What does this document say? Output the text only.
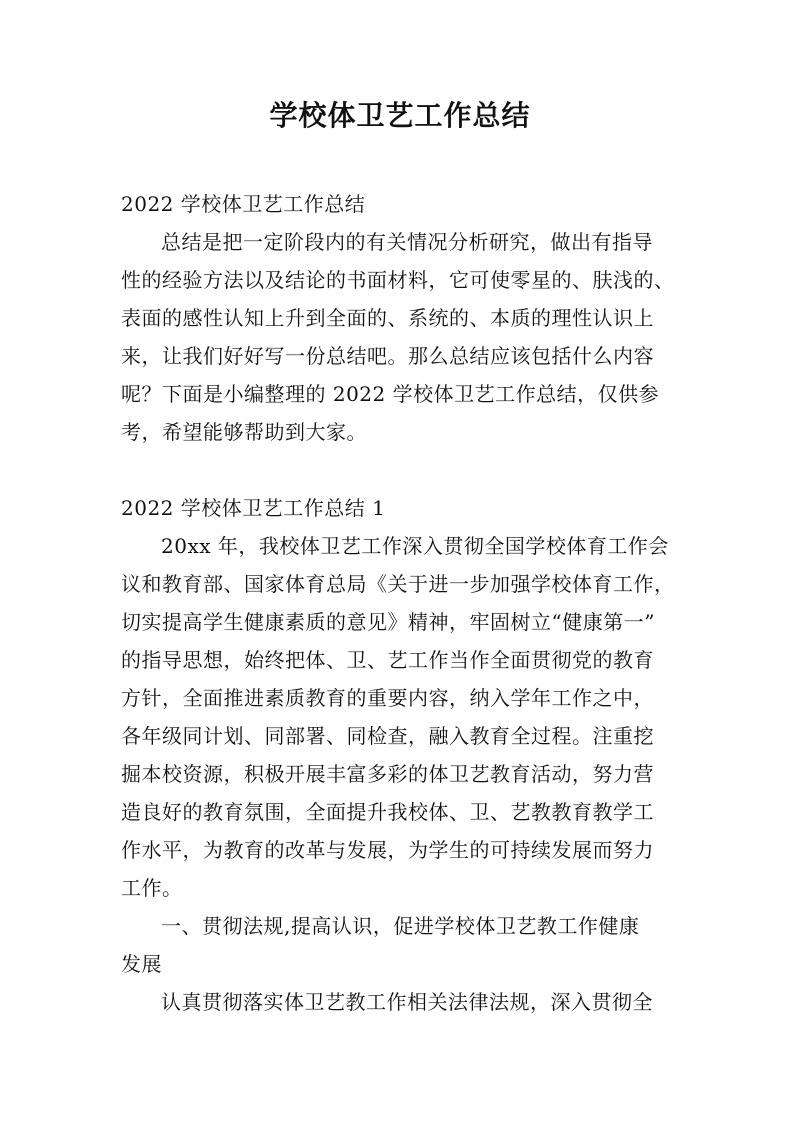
学校体卫艺工作总结
2022 学校体卫艺工作总结
总结是把一定阶段内的有关情况分析研究，做出有指导
性的经验方法以及结论的书面材料，它可使零星的、肤浅的、
表面的感性认知上升到全面的、系统的、本质的理性认识上
来，让我们好好写一份总结吧。那么总结应该包括什么内容
呢？下面是小编整理的 2022 学校体卫艺工作总结，仅供参
考，希望能够帮助到大家。
2022 学校体卫艺工作总结 1
20xx 年，我校体卫艺工作深入贯彻全国学校体育工作会
议和教育部、国家体育总局《关于进一步加强学校体育工作，
切实提高学生健康素质的意见》精神，牢固树立“健康第一”
的指导思想，始终把体、卫、艺工作当作全面贯彻党的教育
方针，全面推进素质教育的重要内容，纳入学年工作之中，
各年级同计划、同部署、同检查，融入教育全过程。注重挖
掘本校资源，积极开展丰富多彩的体卫艺教育活动，努力营
造良好的教育氛围，全面提升我校体、卫、艺教教育教学工
作水平，为教育的改革与发展，为学生的可持续发展而努力
工作。
一、贯彻法规,提高认识，促进学校体卫艺教工作健康
发展
认真贯彻落实体卫艺教工作相关法律法规，深入贯彻全
